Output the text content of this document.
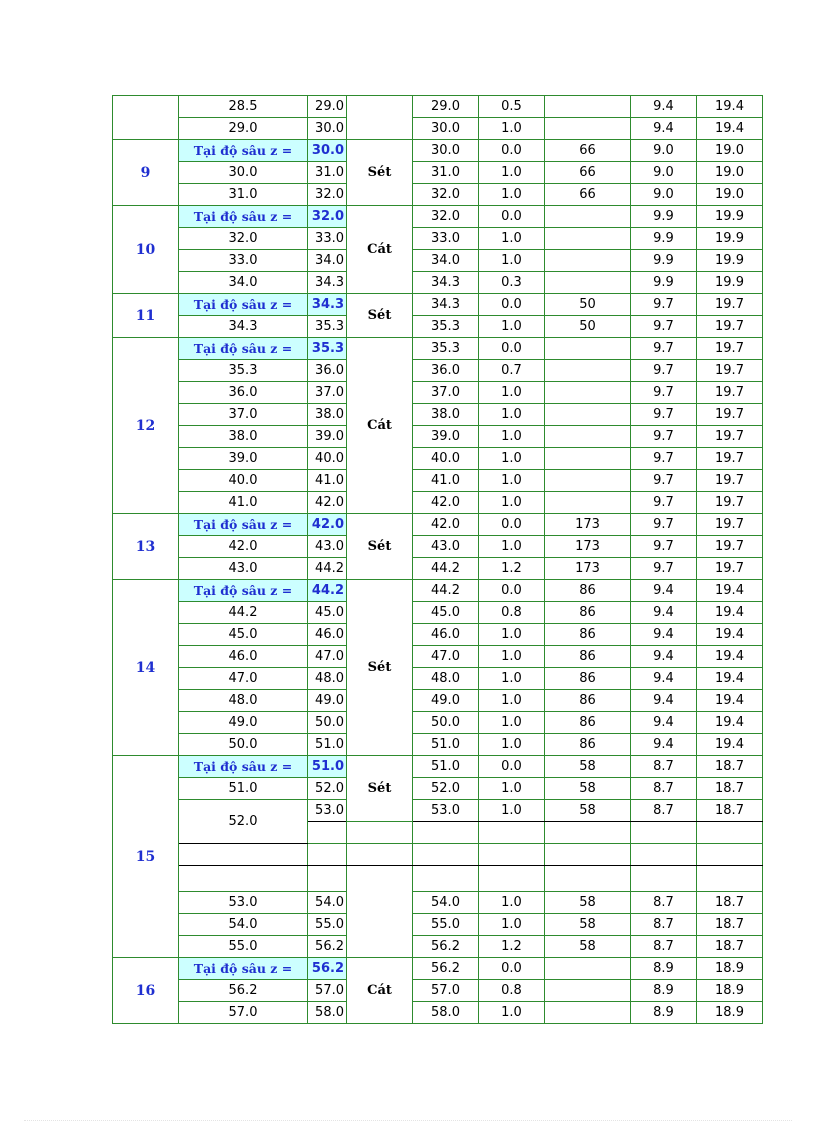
	28.5	29.0		29.0	0.5		9.4	19.4
	29.0	30.0		30.0	1.0		9.4	19.4
9	Tại độ sâu z =	30.0	Sét	30.0	0.0	66	9.0	19.0
	30.0	31.0		31.0	1.0	66	9.0	19.0
	31.0	32.0		32.0	1.0	66	9.0	19.0
10	Tại độ sâu z =	32.0	Cát	32.0	0.0		9.9	19.9
	32.0	33.0		33.0	1.0		9.9	19.9
	33.0	34.0		34.0	1.0		9.9	19.9
	34.0	34.3		34.3	0.3		9.9	19.9
11	Tại độ sâu z =	34.3	Sét	34.3	0.0	50	9.7	19.7
	34.3	35.3		35.3	1.0	50	9.7	19.7
12	Tại độ sâu z =	35.3	Cát	35.3	0.0		9.7	19.7
	35.3	36.0		36.0	0.7		9.7	19.7
	36.0	37.0		37.0	1.0		9.7	19.7
	37.0	38.0		38.0	1.0		9.7	19.7
	38.0	39.0		39.0	1.0		9.7	19.7
	39.0	40.0		40.0	1.0		9.7	19.7
	40.0	41.0		41.0	1.0		9.7	19.7
	41.0	42.0		42.0	1.0		9.7	19.7
13	Tại độ sâu z =	42.0	Sét	42.0	0.0	173	9.7	19.7
	42.0	43.0		43.0	1.0	173	9.7	19.7
	43.0	44.2		44.2	1.2	173	9.7	19.7
14	Tại độ sâu z =	44.2	Sét	44.2	0.0	86	9.4	19.4
	44.2	45.0		45.0	0.8	86	9.4	19.4
	45.0	46.0		46.0	1.0	86	9.4	19.4
	46.0	47.0		47.0	1.0	86	9.4	19.4
	47.0	48.0		48.0	1.0	86	9.4	19.4
	48.0	49.0		49.0	1.0	86	9.4	19.4
	49.0	50.0		50.0	1.0	86	9.4	19.4
	50.0	51.0		51.0	1.0	86	9.4	19.4
15	Tại độ sâu z =	51.0	Sét	51.0	0.0	58	8.7	18.7
	51.0	52.0		52.0	1.0	58	8.7	18.7
	52.0	53.0		53.0	1.0	58	8.7	18.7

	53.0	54.0		54.0	1.0	58	8.7	18.7
	54.0	55.0		55.0	1.0	58	8.7	18.7
	55.0	56.2		56.2	1.2	58	8.7	18.7
16	Tại độ sâu z =	56.2	Cát	56.2	0.0		8.9	18.9
	56.2	57.0		57.0	0.8		8.9	18.9
	57.0	58.0		58.0	1.0		8.9	18.9
